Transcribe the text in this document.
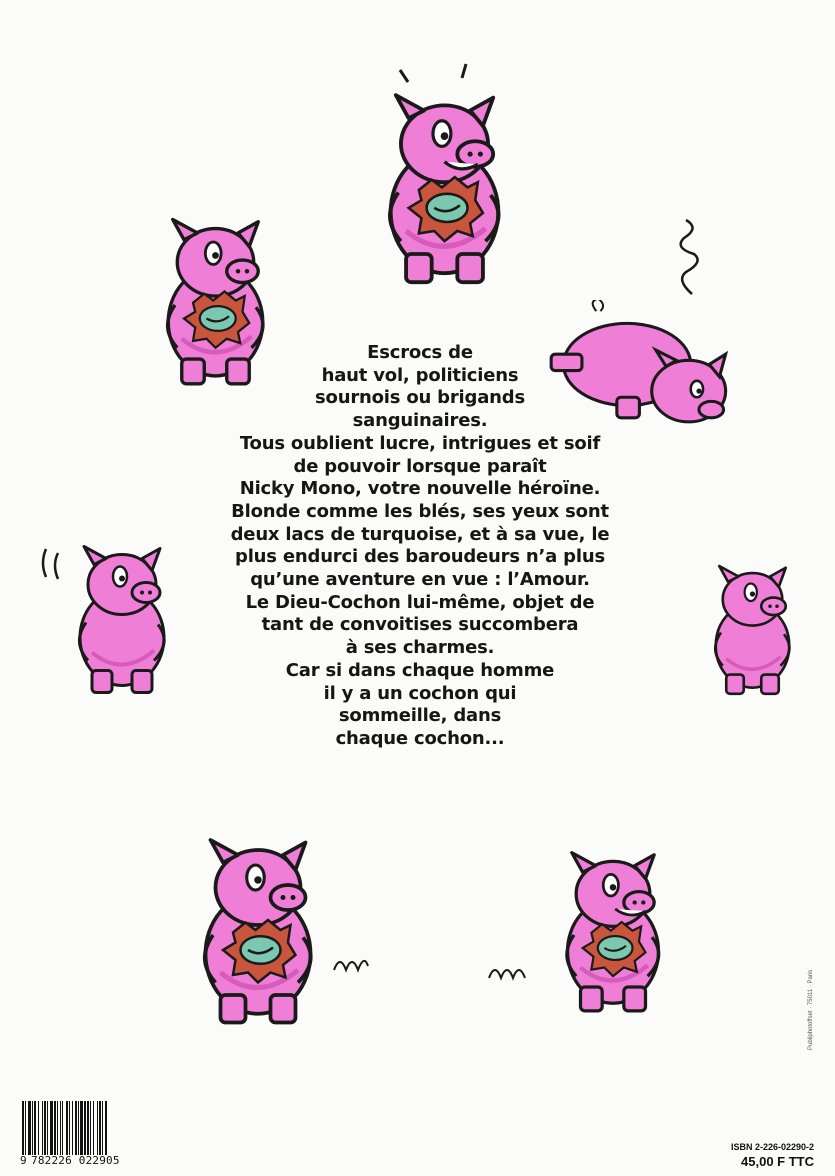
Escrocs de
haut vol, politiciens
sournois ou brigands
sanguinaires.
Tous oublient lucre, intrigues et soif
de pouvoir lorsque paraît
Nicky Mono, votre nouvelle héroïne.
Blonde comme les blés, ses yeux sont
deux lacs de turquoise, et à sa vue, le
plus endurci des baroudeurs n’a plus
qu’une aventure en vue : l’Amour.
Le Dieu-Cochon lui-même, objet de
tant de convoitises succombera
à ses charmes.
Car si dans chaque homme
il y a un cochon qui
sommeille, dans
chaque cochon...
9 782226 022905
ISBN 2-226-02290-2
45,00 F TTC
Publiphotoffset · 75011 · Paris
